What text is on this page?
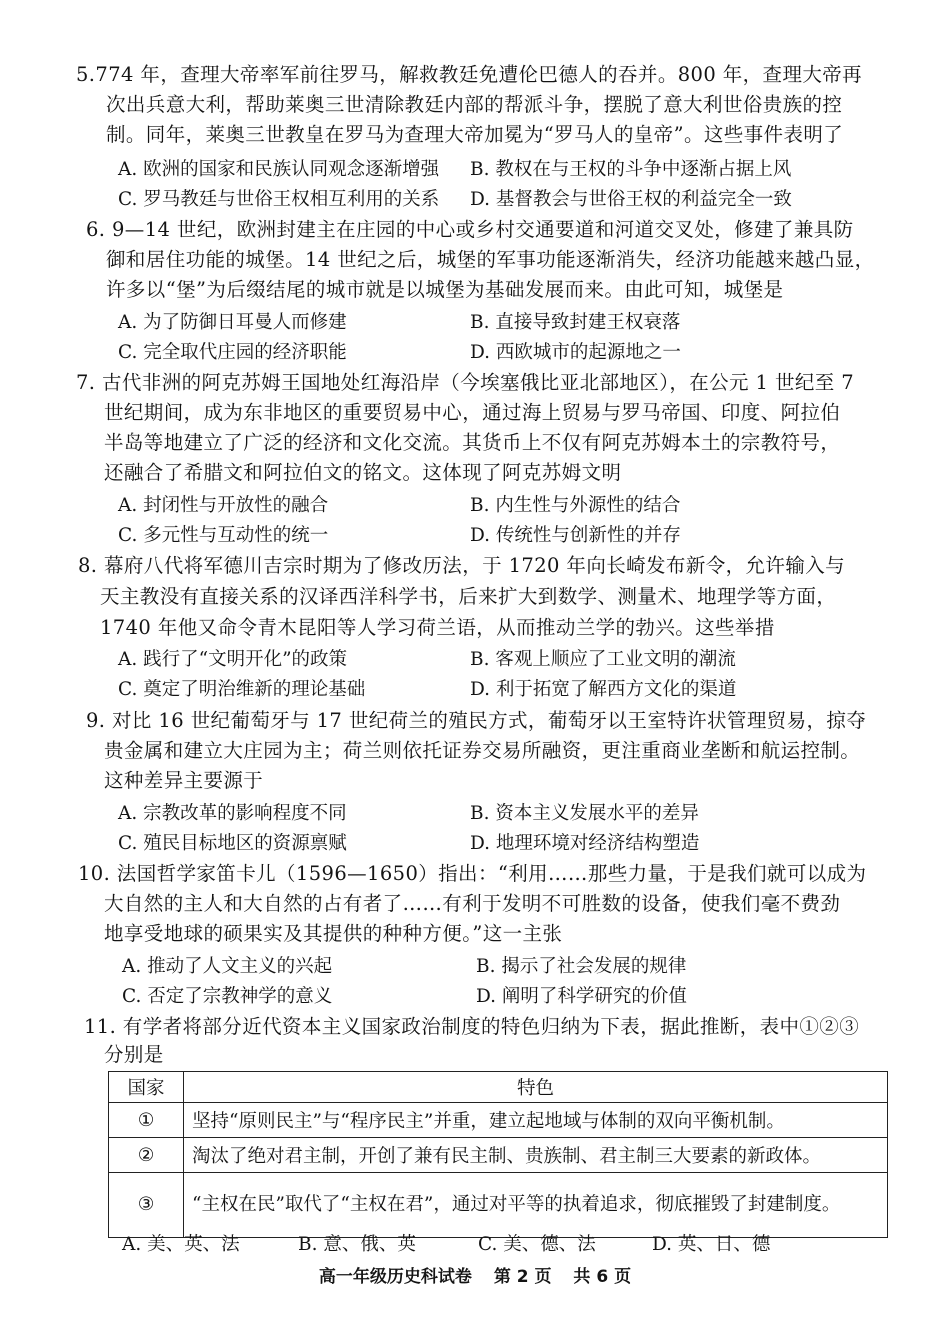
5.774 年，查理大帝率军前往罗马，解救教廷免遭伦巴德人的吞并。800 年，查理大帝再
次出兵意大利，帮助莱奥三世清除教廷内部的帮派斗争，摆脱了意大利世俗贵族的控
制。同年，莱奥三世教皇在罗马为查理大帝加冕为“罗马人的皇帝”。这些事件表明了
A. 欧洲的国家和民族认同观念逐渐增强 B. 教权在与王权的斗争中逐渐占据上风
C. 罗马教廷与世俗王权相互利用的关系 D. 基督教会与世俗王权的利益完全一致
6. 9—14 世纪，欧洲封建主在庄园的中心或乡村交通要道和河道交叉处，修建了兼具防
御和居住功能的城堡。14 世纪之后，城堡的军事功能逐渐消失，经济功能越来越凸显，
许多以“堡”为后缀结尾的城市就是以城堡为基础发展而来。由此可知，城堡是
A. 为了防御日耳曼人而修建	B. 直接导致封建王权衰落
C. 完全取代庄园的经济职能	D. 西欧城市的起源地之一
7. 古代非洲的阿克苏姆王国地处红海沿岸（今埃塞俄比亚北部地区），在公元 1 世纪至 7
世纪期间，成为东非地区的重要贸易中心，通过海上贸易与罗马帝国、印度、阿拉伯
半岛等地建立了广泛的经济和文化交流。其货币上不仅有阿克苏姆本土的宗教符号，
还融合了希腊文和阿拉伯文的铭文。这体现了阿克苏姆文明
A. 封闭性与开放性的融合	B. 内生性与外源性的结合
C. 多元性与互动性的统一	D. 传统性与创新性的并存
8. 幕府八代将军德川吉宗时期为了修改历法，于 1720 年向长崎发布新令，允许输入与
天主教没有直接关系的汉译西洋科学书，后来扩大到数学、测量术、地理学等方面，
1740 年他又命令青木昆阳等人学习荷兰语，从而推动兰学的勃兴。这些举措
A. 践行了“文明开化”的政策	B. 客观上顺应了工业文明的潮流
C. 奠定了明治维新的理论基础	D. 利于拓宽了解西方文化的渠道
9. 对比 16 世纪葡萄牙与 17 世纪荷兰的殖民方式，葡萄牙以王室特许状管理贸易，掠夺
贵金属和建立大庄园为主；荷兰则依托证券交易所融资，更注重商业垄断和航运控制。
这种差异主要源于
A. 宗教改革的影响程度不同	B. 资本主义发展水平的差异
C. 殖民目标地区的资源禀赋	D. 地理环境对经济结构塑造
10. 法国哲学家笛卡儿（1596—1650）指出：“利用……那些力量，于是我们就可以成为
大自然的主人和大自然的占有者了……有利于发明不可胜数的设备，使我们毫不费劲
地享受地球的硕果实及其提供的种种方便。”这一主张
A. 推动了人文主义的兴起	B. 揭示了社会发展的规律
C. 否定了宗教神学的意义	D. 阐明了科学研究的价值
11. 有学者将部分近代资本主义国家政治制度的特色归纳为下表，据此推断，表中①②③
分别是
国家	特色
①	坚持“原则民主”与“程序民主”并重，建立起地域与体制的双向平衡机制。
②	淘汰了绝对君主制，开创了兼有民主制、贵族制、君主制三大要素的新政体。
③	“主权在民”取代了“主权在君”，通过对平等的执着追求，彻底摧毁了封建制度。
A. 美、英、法	B. 意、俄、英	C. 美、德、法	D. 英、日、德
高一年级历史科试卷 第 2 页 共 6 页
